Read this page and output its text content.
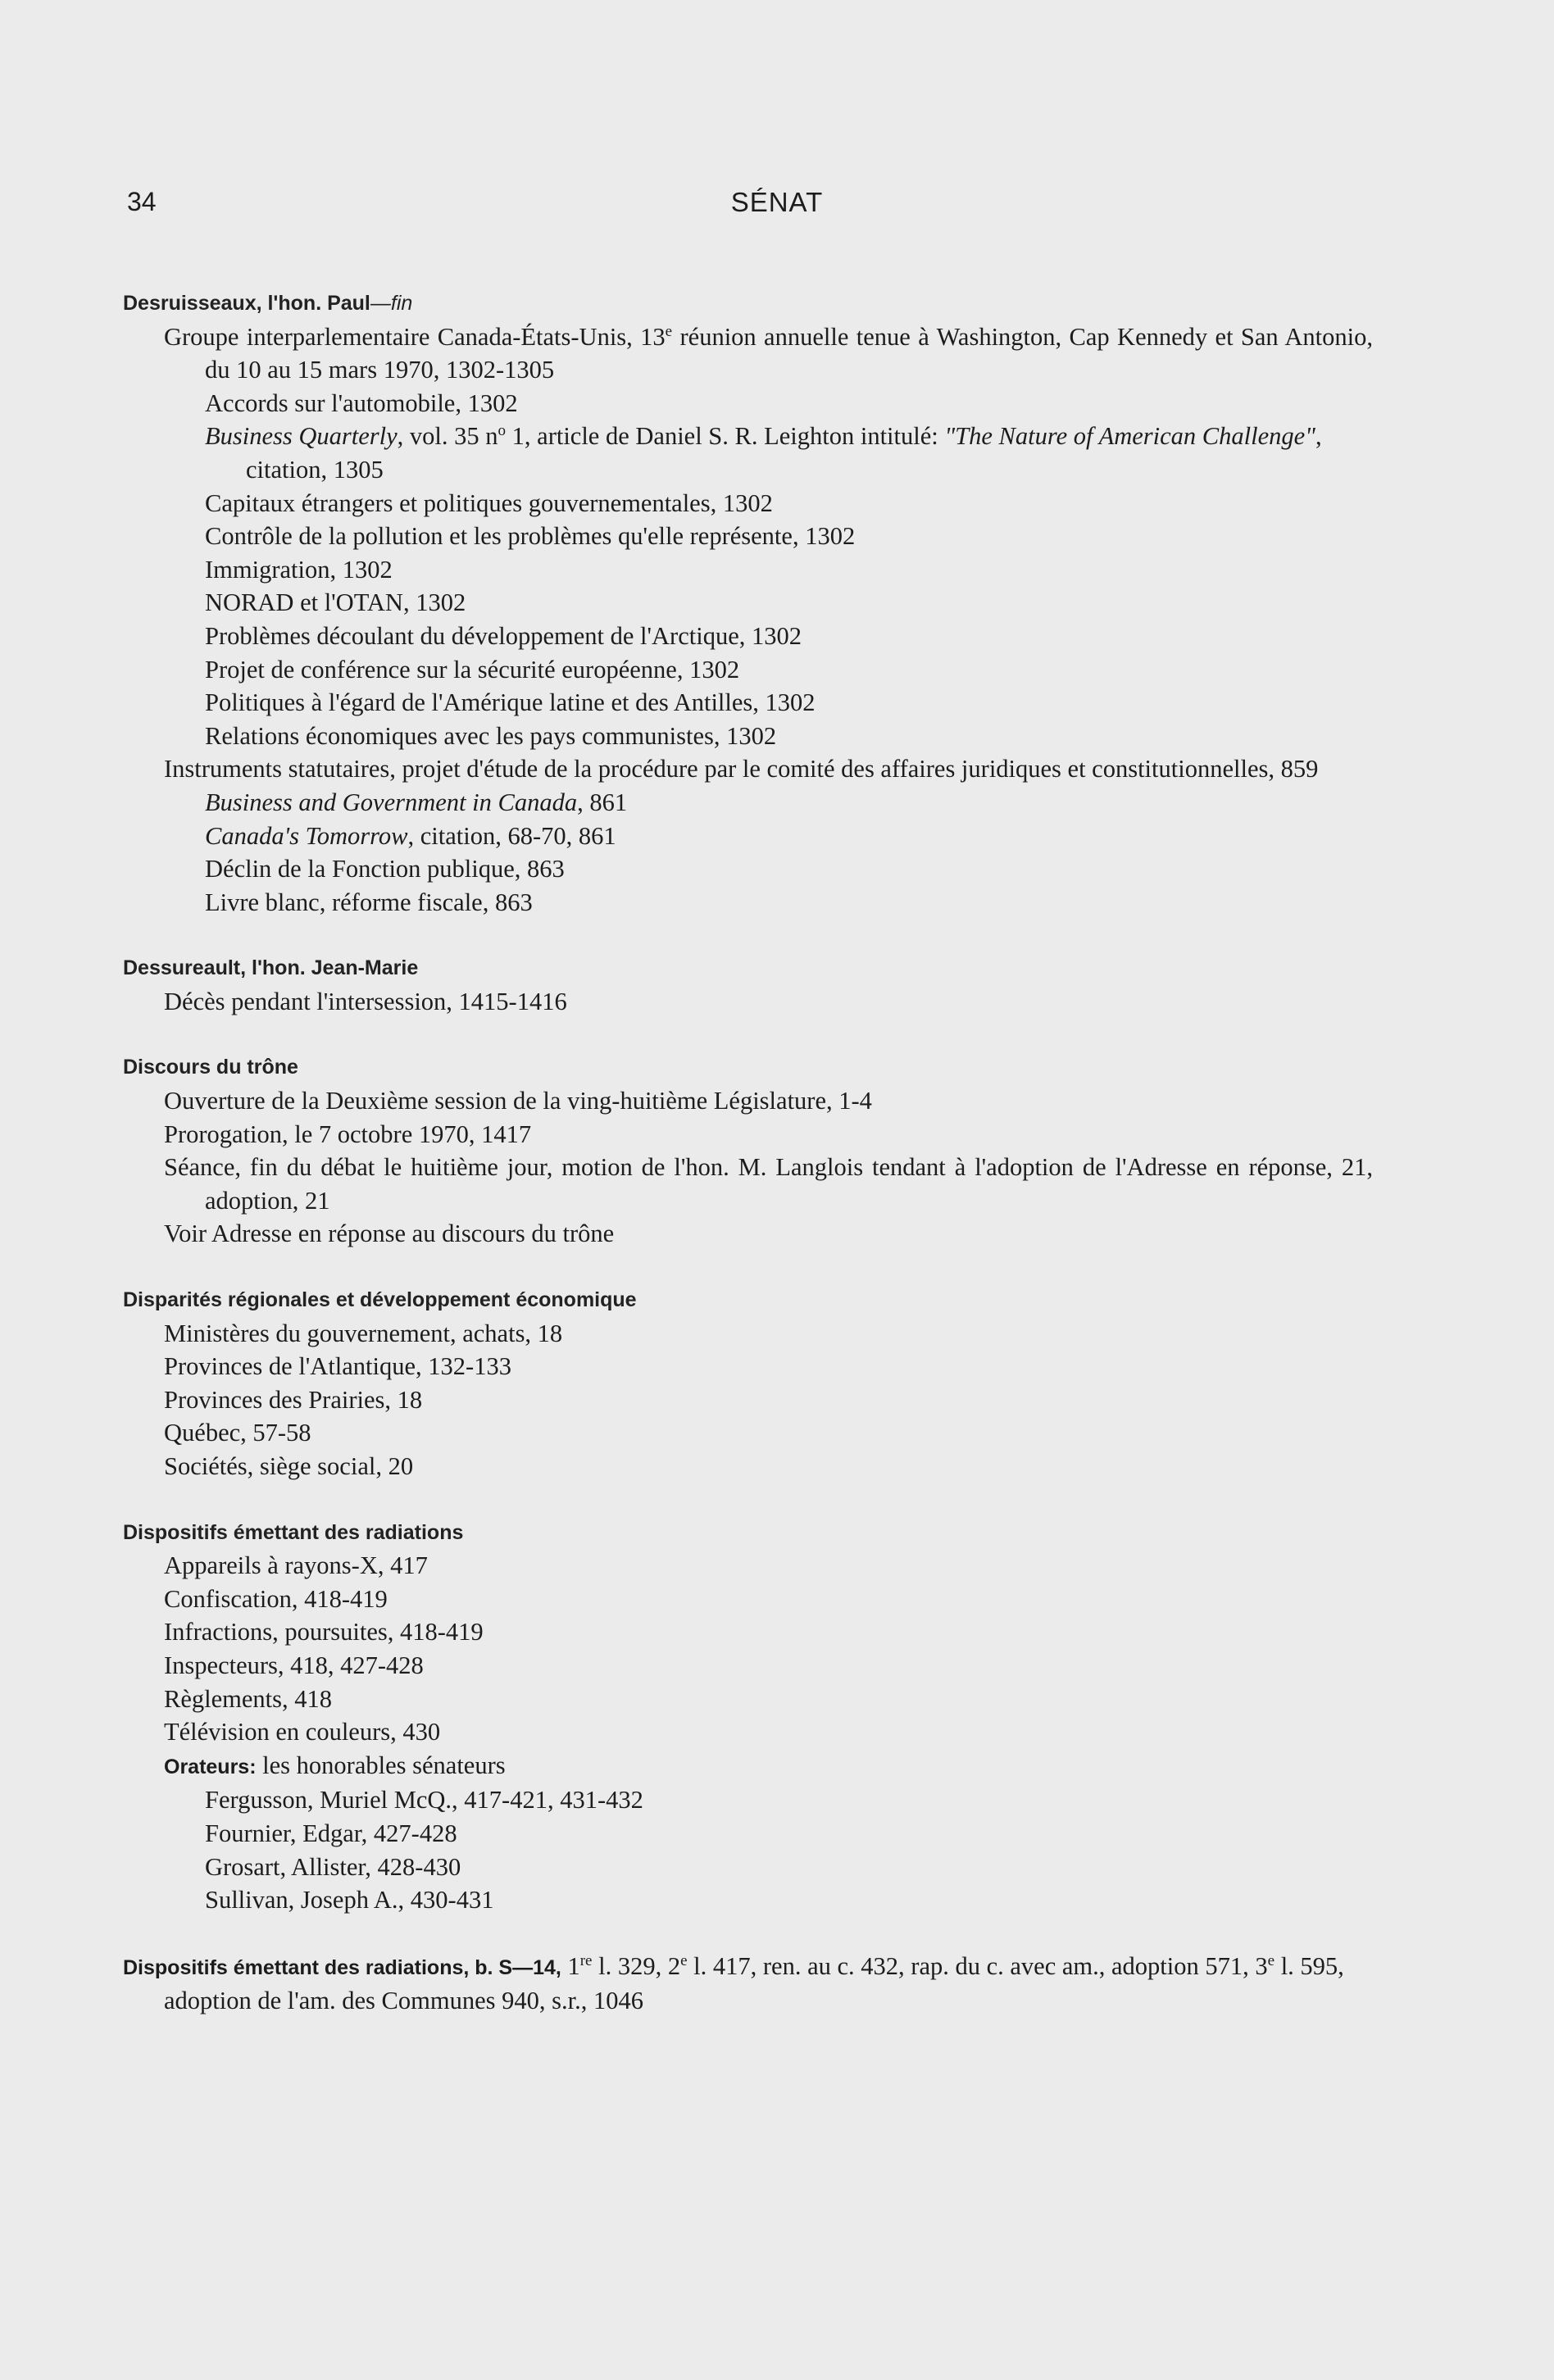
34	SÉNAT
Desruisseaux, l'hon. Paul—fin
Groupe interparlementaire Canada-États-Unis, 13e réunion annuelle tenue à Washington, Cap Kennedy et San Antonio, du 10 au 15 mars 1970, 1302-1305
Accords sur l'automobile, 1302
Business Quarterly, vol. 35 $n^o$ 1, article de Daniel S. R. Leighton intitulé: "The Nature of American Challenge", citation, 1305
Capitaux étrangers et politiques gouvernementales, 1302
Contrôle de la pollution et les problèmes qu'elle représente, 1302
Immigration, 1302
NORAD et l'OTAN, 1302
Problèmes découlant du développement de l'Arctique, 1302
Projet de conférence sur la sécurité européenne, 1302
Politiques à l'égard de l'Amérique latine et des Antilles, 1302
Relations économiques avec les pays communistes, 1302
Instruments statutaires, projet d'étude de la procédure par le comité des affaires juridiques et constitutionnelles, 859
Business and Government in Canada, 861
Canada's Tomorrow, citation, 68-70, 861
Déclin de la Fonction publique, 863
Livre blanc, réforme fiscale, 863
Dessureault, l'hon. Jean-Marie
Décès pendant l'intersession, 1415-1416
Discours du trône
Ouverture de la Deuxième session de la ving-huitième Législature, 1-4
Prorogation, le 7 octobre 1970, 1417
Séance, fin du débat le huitième jour, motion de l'hon. M. Langlois tendant à l'adoption de l'Adresse en réponse, 21, adoption, 21
Voir Adresse en réponse au discours du trône
Disparités régionales et développement économique
Ministères du gouvernement, achats, 18
Provinces de l'Atlantique, 132-133
Provinces des Prairies, 18
Québec, 57-58
Sociétés, siège social, 20
Dispositifs émettant des radiations
Appareils à rayons-X, 417
Confiscation, 418-419
Infractions, poursuites, 418-419
Inspecteurs, 418, 427-428
Règlements, 418
Télévision en couleurs, 430
Orateurs: les honorables sénateurs
Fergusson, Muriel McQ., 417-421, 431-432
Fournier, Edgar, 427-428
Grosart, Allister, 428-430
Sullivan, Joseph A., 430-431
Dispositifs émettant des radiations, b. S—14, 1re l. 329, 2e l. 417, ren. au c. 432, rap. du c. avec am., adoption 571, 3e l. 595, adoption de l'am. des Communes 940, s.r., 1046
